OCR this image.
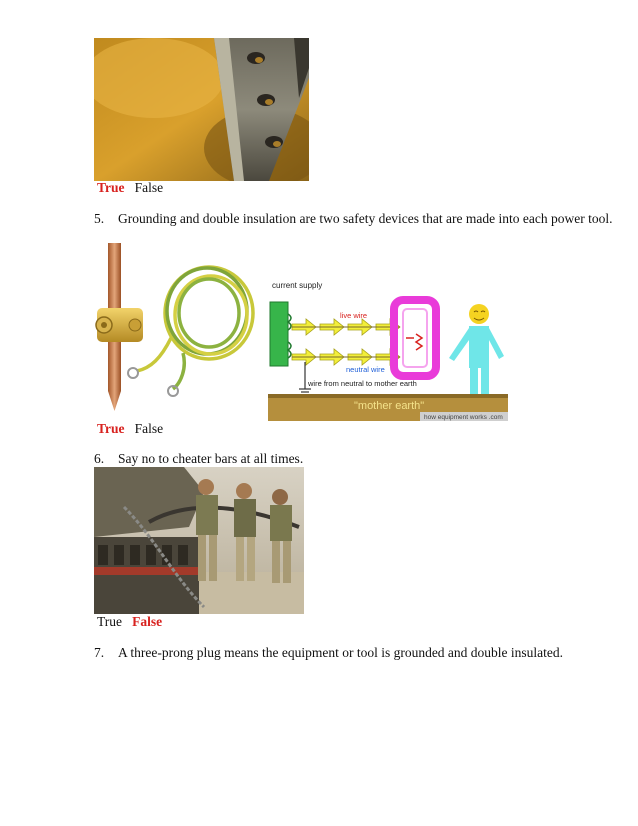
True False
5. Grounding and double insulation are two safety devices that are made into each power tool.
current supply
live wire
neutral wire
wire from neutral to mother earth
"mother earth"
how equipment works .com
True False
6. Say no to cheater bars at all times.
True False
7. A three-prong plug means the equipment or tool is grounded and double insulated.
